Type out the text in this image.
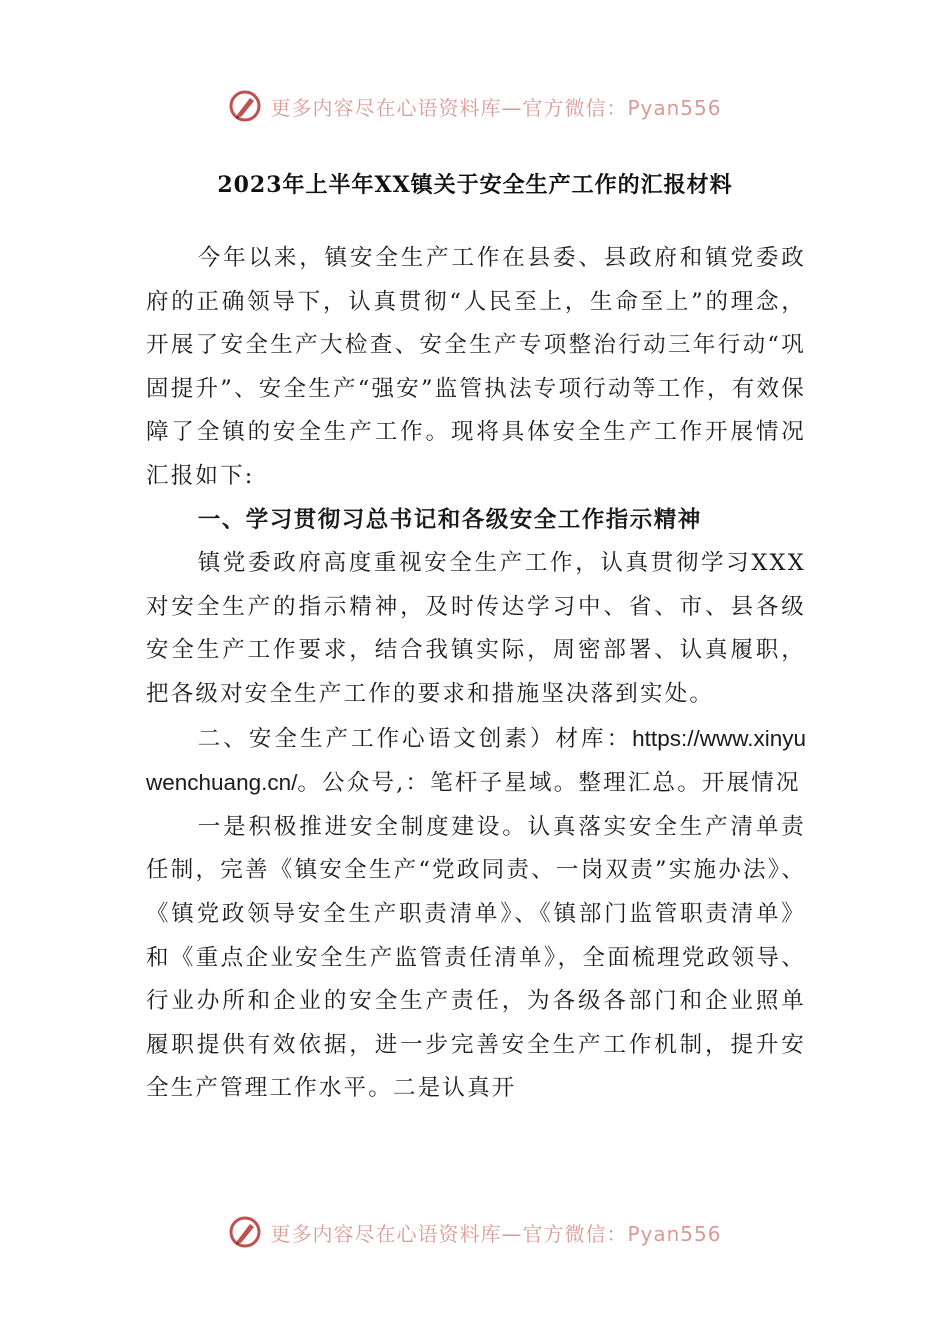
更多内容尽在心语资料库—官方微信：Pyan556
2023年上半年XX镇关于安全生产工作的汇报材料

今年以来，镇安全生产工作在县委、县政府和镇党委政府的正确领导下，认真贯彻“人民至上，生命至上”的理念，开展了安全生产大检查、安全生产专项整治行动三年行动“巩固提升”、安全生产“强安”监管执法专项行动等工作，有效保障了全镇的安全生产工作。现将具体安全生产工作开展情况汇报如下:

一、学习贯彻习总书记和各级安全工作指示精神

镇党委政府高度重视安全生产工作，认真贯彻学习XXX对安全生产的指示精神，及时传达学习中、省、市、县各级安全生产工作要求，结合我镇实际，周密部署、认真履职，把各级对安全生产工作的要求和措施坚决落到实处。

二、安全生产工作心语文创素）材库：https://www.xinyuwenchuang.cn/。公众号,：笔杆子星域。整理汇总。开展情况

一是积极推进安全制度建设。认真落实安全生产清单责任制，完善《镇安全生产“党政同责、一岗双责”实施办法》、《镇党政领导安全生产职责清单》、《镇部门监管职责清单》和《重点企业安全生产监管责任清单》，全面梳理党政领导、行业办所和企业的安全生产责任，为各级各部门和企业照单履职提供有效依据，进一步完善安全生产工作机制，提升安全生产管理工作水平。二是认真开

更多内容尽在心语资料库—官方微信：Pyan556
